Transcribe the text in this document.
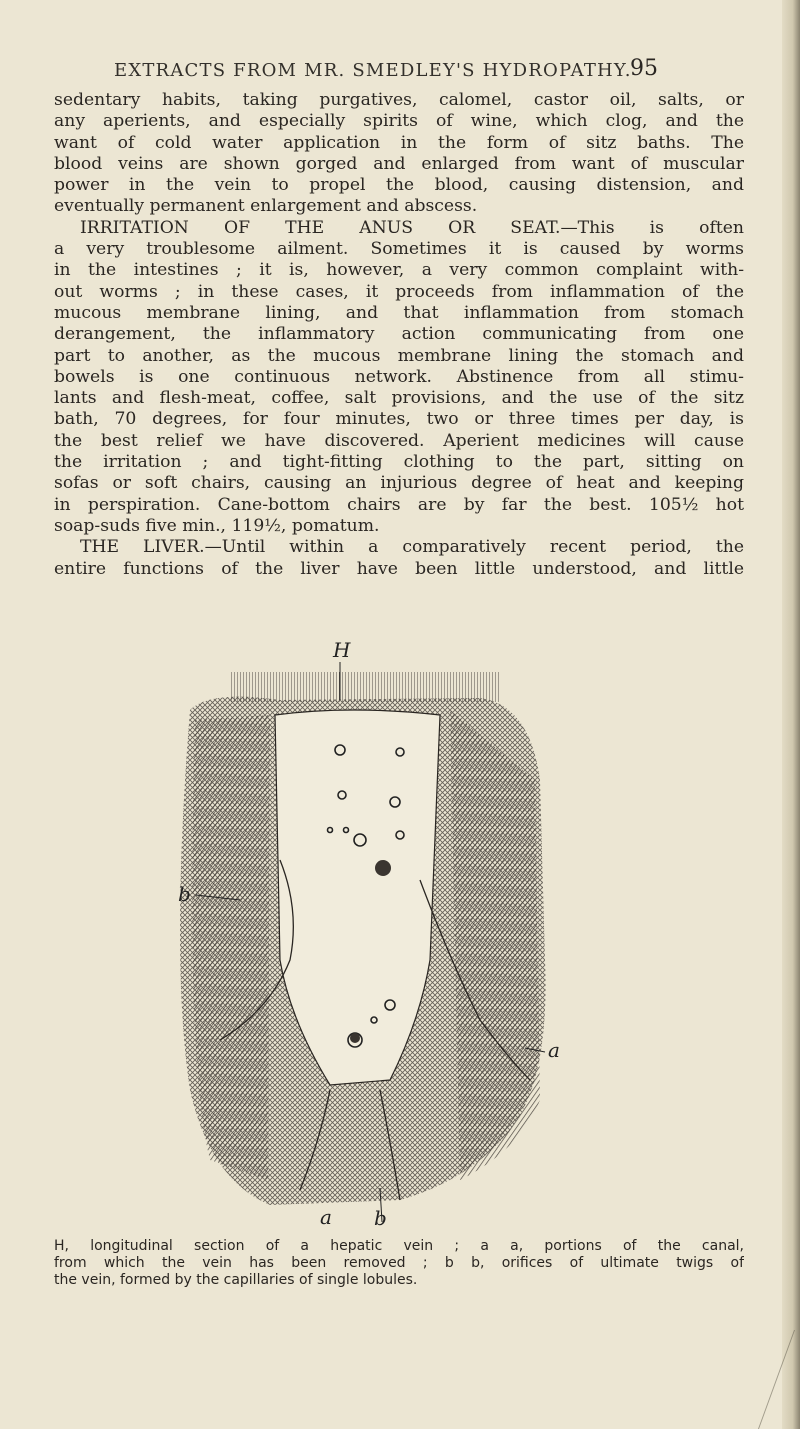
EXTRACTS FROM MR. SMEDLEY'S HYDROPATHY.
95
sedentary habits, taking purgatives, calomel, castor oil, salts, or
any aperients, and especially spirits of wine, which clog, and the
want of cold water application in the form of sitz baths. The
blood veins are shown gorged and enlarged from want of muscular
power in the vein to propel the blood, causing distension, and
eventually permanent enlargement and abscess.
IRRITATION OF THE ANUS OR SEAT.—This is often
a very troublesome ailment. Sometimes it is caused by worms
in the intestines ; it is, however, a very common complaint with-
out worms ; in these cases, it proceeds from inflammation of the
mucous membrane lining, and that inflammation from stomach
derangement, the inflammatory action communicating from one
part to another, as the mucous membrane lining the stomach and
bowels is one continuous network. Abstinence from all stimu-
lants and flesh-meat, coffee, salt provisions, and the use of the sitz
bath, 70 degrees, for four minutes, two or three times per day, is
the best relief we have discovered. Aperient medicines will cause
the irritation ; and tight-fitting clothing to the part, sitting on
sofas or soft chairs, causing an injurious degree of heat and keeping
in perspiration. Cane-bottom chairs are by far the best. 105½ hot
soap-suds five min., 119½, pomatum.
THE LIVER.—Until within a comparatively recent period, the
entire functions of the liver have been little understood, and little
H
b
a
a b
H, longitudinal section of a hepatic vein ; a a, portions of the canal,
from which the vein has been removed ; b b, orifices of ultimate twigs of
the vein, formed by the capillaries of single lobules.
